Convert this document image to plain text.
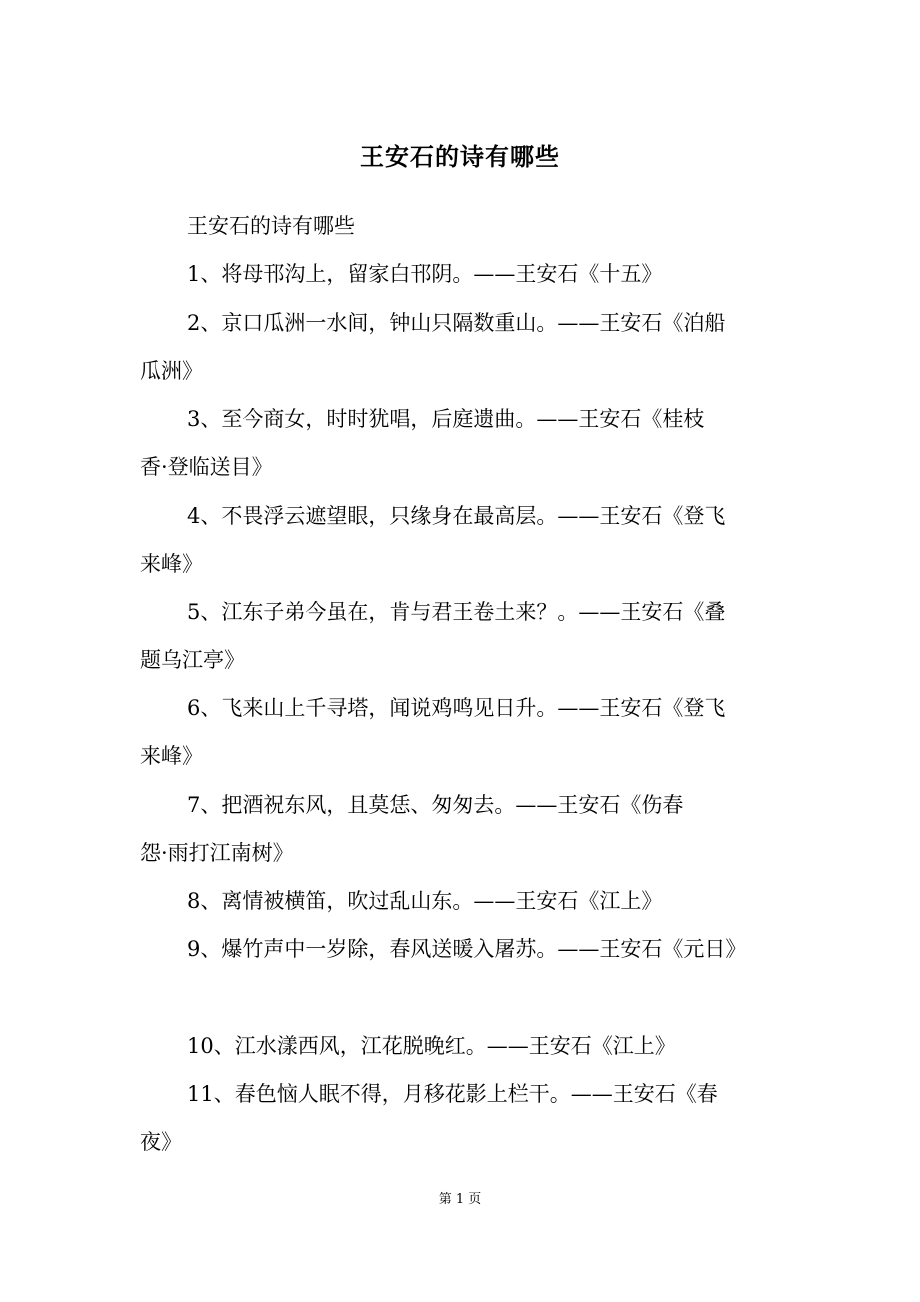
王安石的诗有哪些
王安石的诗有哪些
1、将母邗沟上，留家白邗阴。——王安石《十五》
2、京口瓜洲一水间，钟山只隔数重山。——王安石《泊船
瓜洲》
3、至今商女，时时犹唱，后庭遗曲。——王安石《桂枝
香·登临送目》
4、不畏浮云遮望眼，只缘身在最高层。——王安石《登飞
来峰》
5、江东子弟今虽在，肯与君王卷土来？。——王安石《叠
题乌江亭》
6、飞来山上千寻塔，闻说鸡鸣见日升。——王安石《登飞
来峰》
7、把酒祝东风，且莫恁、匆匆去。——王安石《伤春
怨·雨打江南树》
8、离情被横笛，吹过乱山东。——王安石《江上》
9、爆竹声中一岁除，春风送暖入屠苏。——王安石《元日》
10、江水漾西风，江花脱晚红。——王安石《江上》
11、春色恼人眠不得，月移花影上栏干。——王安石《春
夜》
第 1 页
